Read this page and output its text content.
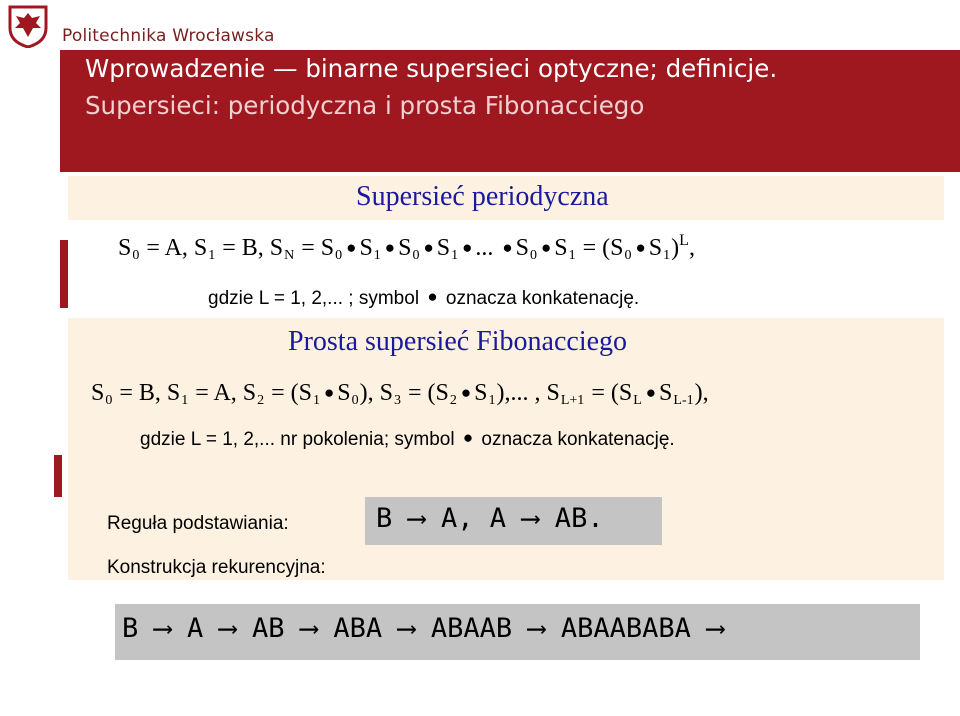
Politechnika Wrocławska
Wprowadzenie — binarne supersieci optyczne; definicje.
Supersieci: periodyczna i prosta Fibonacciego
Supersieć periodyczna
$S_0 = A$, $S_1 = B$, $S_N = S_0$ ● $S_1$ ● $S_0$ ● $S_1$ ● ... ● $S_0$ ● $S_1 = (S_0$ ● $S_1)^L$,
gdzie L = 1, 2,... ; symbol ● oznacza konkatenację.
Prosta supersieć Fibonacciego
$S_0 = B$, $S_1 = A$, $S_2 = (S_1$ ● $S_0$), $S_3 = (S_2$ ● $S_1$),... , $S_{L+1} = (S_L$ ● $S_{L-1}$),
gdzie L = 1, 2,... nr pokolenia; symbol ● oznacza konkatenację.
Reguła podstawiania:	B ⟶ A, A ⟶ AB.
Konstrukcja rekurencyjna:
B ⟶ A ⟶ AB ⟶ ABA ⟶ ABAAB ⟶ ABAABABA ⟶
